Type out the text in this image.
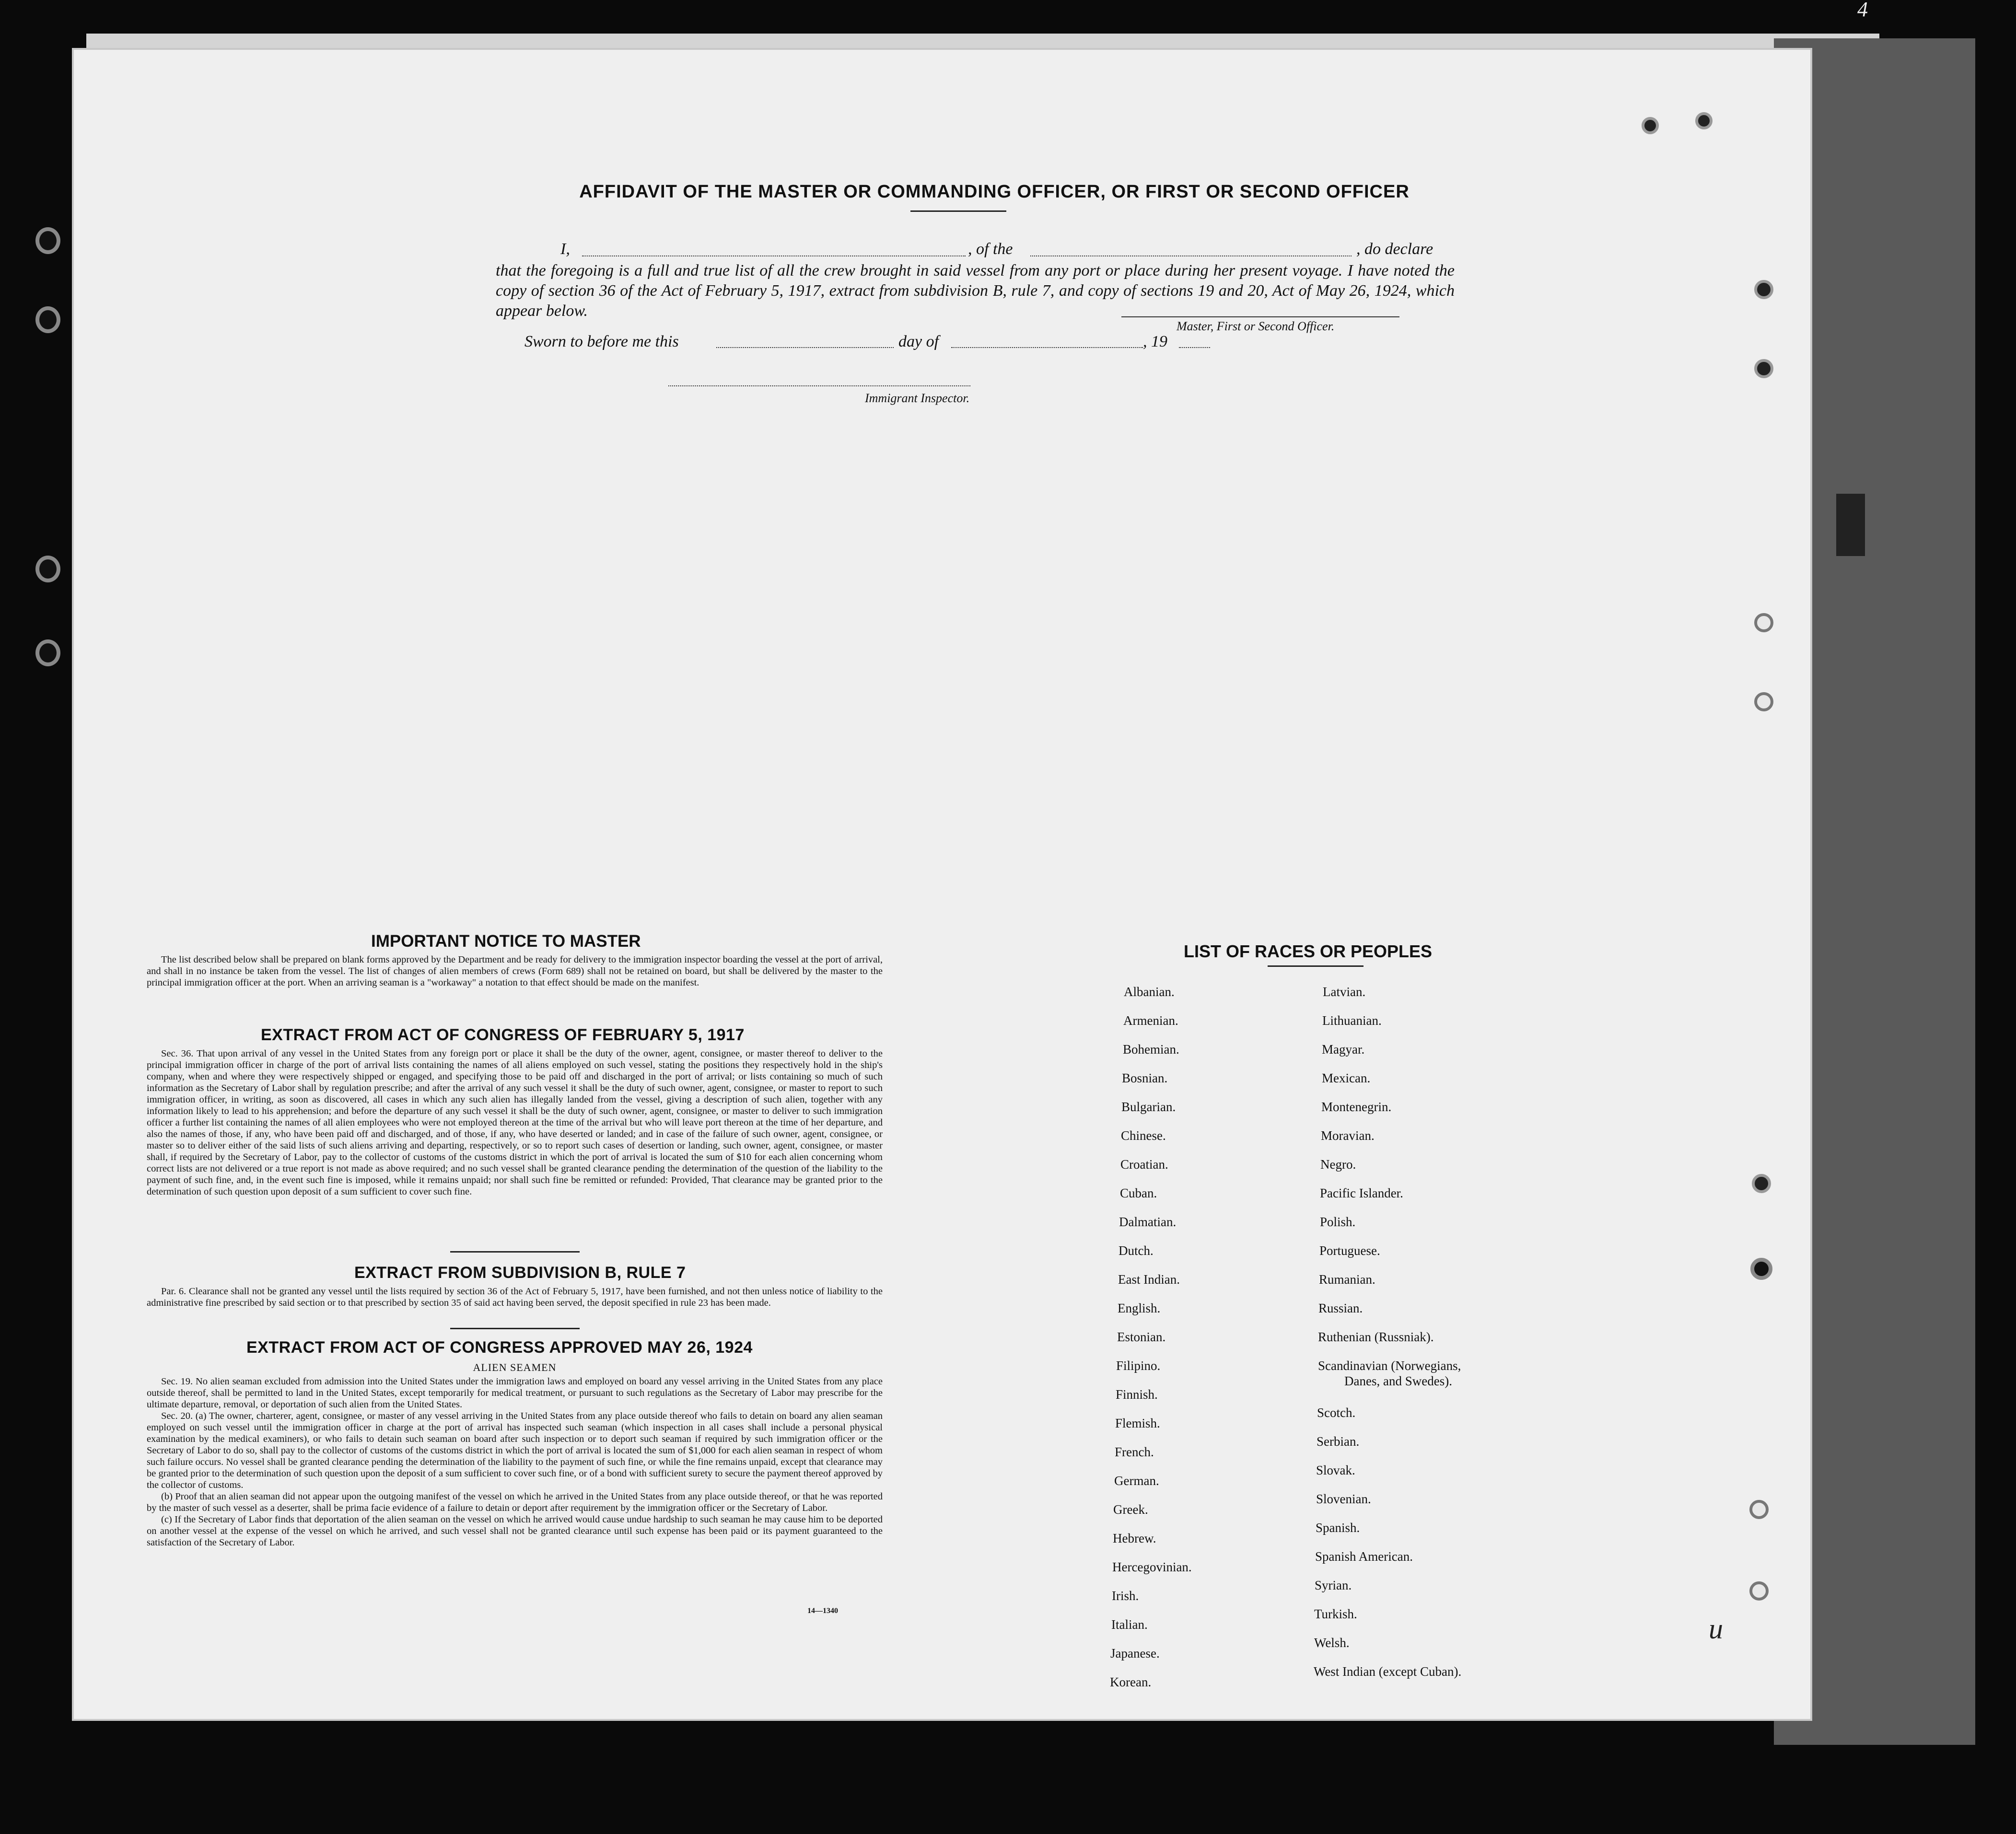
AFFIDAVIT OF THE MASTER OR COMMANDING OFFICER, OR FIRST OR SECOND OFFICER
I,	, of the	, do declare
that the foregoing is a full and true list of all the crew brought in said vessel from any port or place during her present voyage. I have noted the copy of section 36 of the Act of February 5, 1917, extract from subdivision B, rule 7, and copy of sections 19 and 20, Act of May 26, 1924, which appear below.
Master, First or Second Officer.
Sworn to before me this	day of	, 19
Immigrant Inspector.
IMPORTANT NOTICE TO MASTER
The list described below shall be prepared on blank forms approved by the Department and be ready for delivery to the immigration inspector boarding the vessel at the port of arrival, and shall in no instance be taken from the vessel. The list of changes of alien members of crews (Form 689) shall not be retained on board, but shall be delivered by the master to the principal immigration officer at the port. When an arriving seaman is a "workaway" a notation to that effect should be made on the manifest.
EXTRACT FROM ACT OF CONGRESS OF FEBRUARY 5, 1917
Sec. 36. That upon arrival of any vessel in the United States from any foreign port or place it shall be the duty of the owner, agent, consignee, or master thereof to deliver to the principal immigration officer in charge of the port of arrival lists containing the names of all aliens employed on such vessel, stating the positions they respectively hold in the ship's company, when and where they were respectively shipped or engaged, and specifying those to be paid off and discharged in the port of arrival; or lists containing so much of such information as the Secretary of Labor shall by regulation prescribe; and after the arrival of any such vessel it shall be the duty of such owner, agent, consignee, or master to report to such immigration officer, in writing, as soon as discovered, all cases in which any such alien has illegally landed from the vessel, giving a description of such alien, together with any information likely to lead to his apprehension; and before the departure of any such vessel it shall be the duty of such owner, agent, consignee, or master to deliver to such immigration officer a further list containing the names of all alien employees who were not employed thereon at the time of the arrival but who will leave port thereon at the time of her departure, and also the names of those, if any, who have been paid off and discharged, and of those, if any, who have deserted or landed; and in case of the failure of such owner, agent, consignee, or master so to deliver either of the said lists of such aliens arriving and departing, respectively, or so to report such cases of desertion or landing, such owner, agent, consignee, or master shall, if required by the Secretary of Labor, pay to the collector of customs of the customs district in which the port of arrival is located the sum of $10 for each alien concerning whom correct lists are not delivered or a true report is not made as above required; and no such vessel shall be granted clearance pending the determination of the question of the liability to the payment of such fine, and, in the event such fine is imposed, while it remains unpaid; nor shall such fine be remitted or refunded: Provided, That clearance may be granted prior to the determination of such question upon deposit of a sum sufficient to cover such fine.
EXTRACT FROM SUBDIVISION B, RULE 7
Par. 6. Clearance shall not be granted any vessel until the lists required by section 36 of the Act of February 5, 1917, have been furnished, and not then unless notice of liability to the administrative fine prescribed by said section or to that prescribed by section 35 of said act having been served, the deposit specified in rule 23 has been made.
EXTRACT FROM ACT OF CONGRESS APPROVED MAY 26, 1924
ALIEN SEAMEN
Sec. 19. No alien seaman excluded from admission into the United States under the immigration laws and employed on board any vessel arriving in the United States from any place outside thereof, shall be permitted to land in the United States, except temporarily for medical treatment, or pursuant to such regulations as the Secretary of Labor may prescribe for the ultimate departure, removal, or deportation of such alien from the United States.
Sec. 20. (a) The owner, charterer, agent, consignee, or master of any vessel arriving in the United States from any place outside thereof who fails to detain on board any alien seaman employed on such vessel until the immigration officer in charge at the port of arrival has inspected such seaman (which inspection in all cases shall include a personal physical examination by the medical examiners), or who fails to detain such seaman on board after such inspection or to deport such seaman if required by such immigration officer or the Secretary of Labor to do so, shall pay to the collector of customs of the customs district in which the port of arrival is located the sum of $1,000 for each alien seaman in respect of whom such failure occurs. No vessel shall be granted clearance pending the determination of the liability to the payment of such fine, or while the fine remains unpaid, except that clearance may be granted prior to the determination of such question upon the deposit of a sum sufficient to cover such fine, or of a bond with sufficient surety to secure the payment thereof approved by the collector of customs.
(b) Proof that an alien seaman did not appear upon the outgoing manifest of the vessel on which he arrived in the United States from any place outside thereof, or that he was reported by the master of such vessel as a deserter, shall be prima facie evidence of a failure to detain or deport after requirement by the immigration officer or the Secretary of Labor.
(c) If the Secretary of Labor finds that deportation of the alien seaman on the vessel on which he arrived would cause undue hardship to such seaman he may cause him to be deported on another vessel at the expense of the vessel on which he arrived, and such vessel shall not be granted clearance until such expense has been paid or its payment guaranteed to the satisfaction of the Secretary of Labor.
14—1340
LIST OF RACES OR PEOPLES
Albanian.
Armenian.
Bohemian.
Bosnian.
Bulgarian.
Chinese.
Croatian.
Cuban.
Dalmatian.
Dutch.
East Indian.
English.
Estonian.
Filipino.
Finnish.
Flemish.
French.
German.
Greek.
Hebrew.
Hercegovinian.
Irish.
Italian.
Japanese.
Korean.
Latvian.
Lithuanian.
Magyar.
Mexican.
Montenegrin.
Moravian.
Negro.
Pacific Islander.
Polish.
Portuguese.
Rumanian.
Russian.
Ruthenian (Russniak).
Scandinavian (Norwegians,
Danes, and Swedes).
Scotch.
Serbian.
Slovak.
Slovenian.
Spanish.
Spanish American.
Syrian.
Turkish.
Welsh.
West Indian (except Cuban).
4
u
